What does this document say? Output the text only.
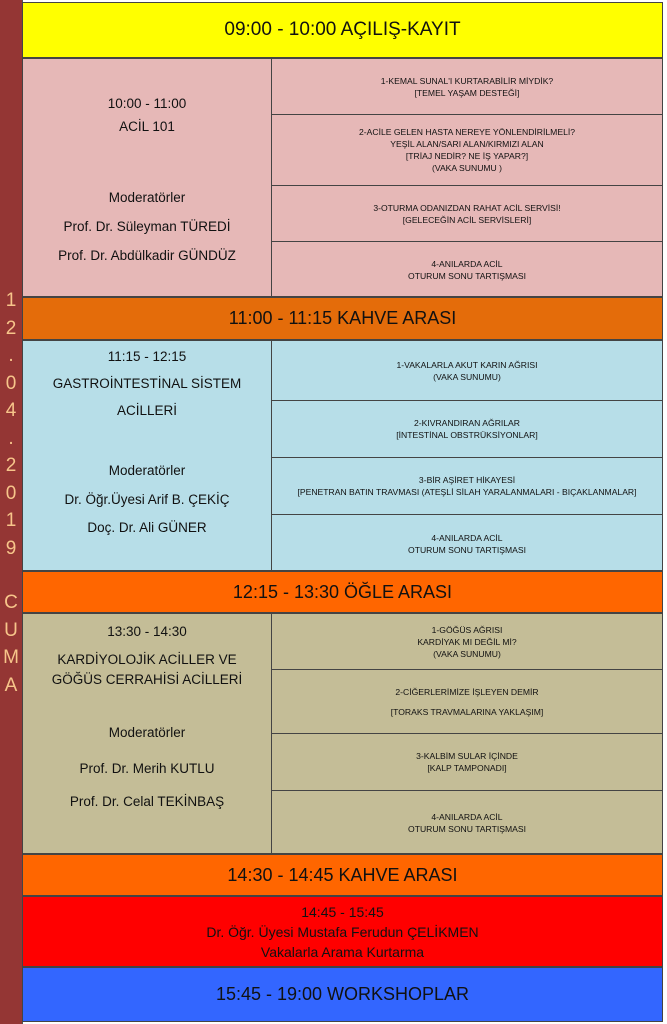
1
2
.
0
4
.
2
0
1
9
C
U
M
A
09:00 - 10:00 AÇILIŞ-KAYIT
10:00 - 11:00
ACİL 101
Moderatörler
Prof. Dr. Süleyman TÜREDİ
Prof. Dr. Abdülkadir GÜNDÜZ
1-KEMAL SUNAL'I KURTARABİLİR MİYDİK?
[TEMEL YAŞAM DESTEĞİ]
2-ACİLE GELEN HASTA NEREYE YÖNLENDİRİLMELİ?
YEŞİL ALAN/SARI ALAN/KIRMIZI ALAN
[TRİAJ NEDİR? NE İŞ YAPAR?]
(VAKA SUNUMU )
3-OTURMA ODANIZDAN RAHAT ACİL SERVİSİ!
[GELECEĞİN ACİL SERVİSLERİ]
4-ANILARDA ACİL
OTURUM SONU TARTIŞMASI
11:00 - 11:15 KAHVE ARASI
11:15 - 12:15
GASTROİNTESTİNAL SİSTEM
ACİLLERİ
Moderatörler
Dr. Öğr.Üyesi Arif B. ÇEKİÇ
Doç. Dr. Ali GÜNER
1-VAKALARLA AKUT KARIN AĞRISI
(VAKA SUNUMU)
2-KIVRANDIRAN AĞRILAR
[İNTESTİNAL OBSTRÜKSİYONLAR]
3-BİR AŞİRET HİKAYESİ
[PENETRAN BATIN TRAVMASI (ATEŞLİ SİLAH YARALANMALARI - BIÇAKLANMALAR]
4-ANILARDA ACİL
OTURUM SONU TARTIŞMASI
12:15 - 13:30 ÖĞLE ARASI
13:30 - 14:30
KARDİYOLOJİK ACİLLER VE
GÖĞÜS CERRAHİSİ ACİLLERİ
Moderatörler
Prof. Dr. Merih KUTLU
Prof. Dr. Celal TEKİNBAŞ
1-GÖĞÜS AĞRISI
KARDİYAK MI DEĞİL Mİ?
(VAKA SUNUMU)
2-CİĞERLERİMİZE İŞLEYEN DEMİR
[TORAKS TRAVMALARINA YAKLAŞIM]
3-KALBİM SULAR İÇİNDE
[KALP TAMPONADI]
4-ANILARDA ACİL
OTURUM SONU TARTIŞMASI
14:30 - 14:45 KAHVE ARASI
14:45 - 15:45
Dr. Öğr. Üyesi Mustafa Ferudun ÇELİKMEN
Vakalarla Arama Kurtarma
15:45 - 19:00 WORKSHOPLAR
